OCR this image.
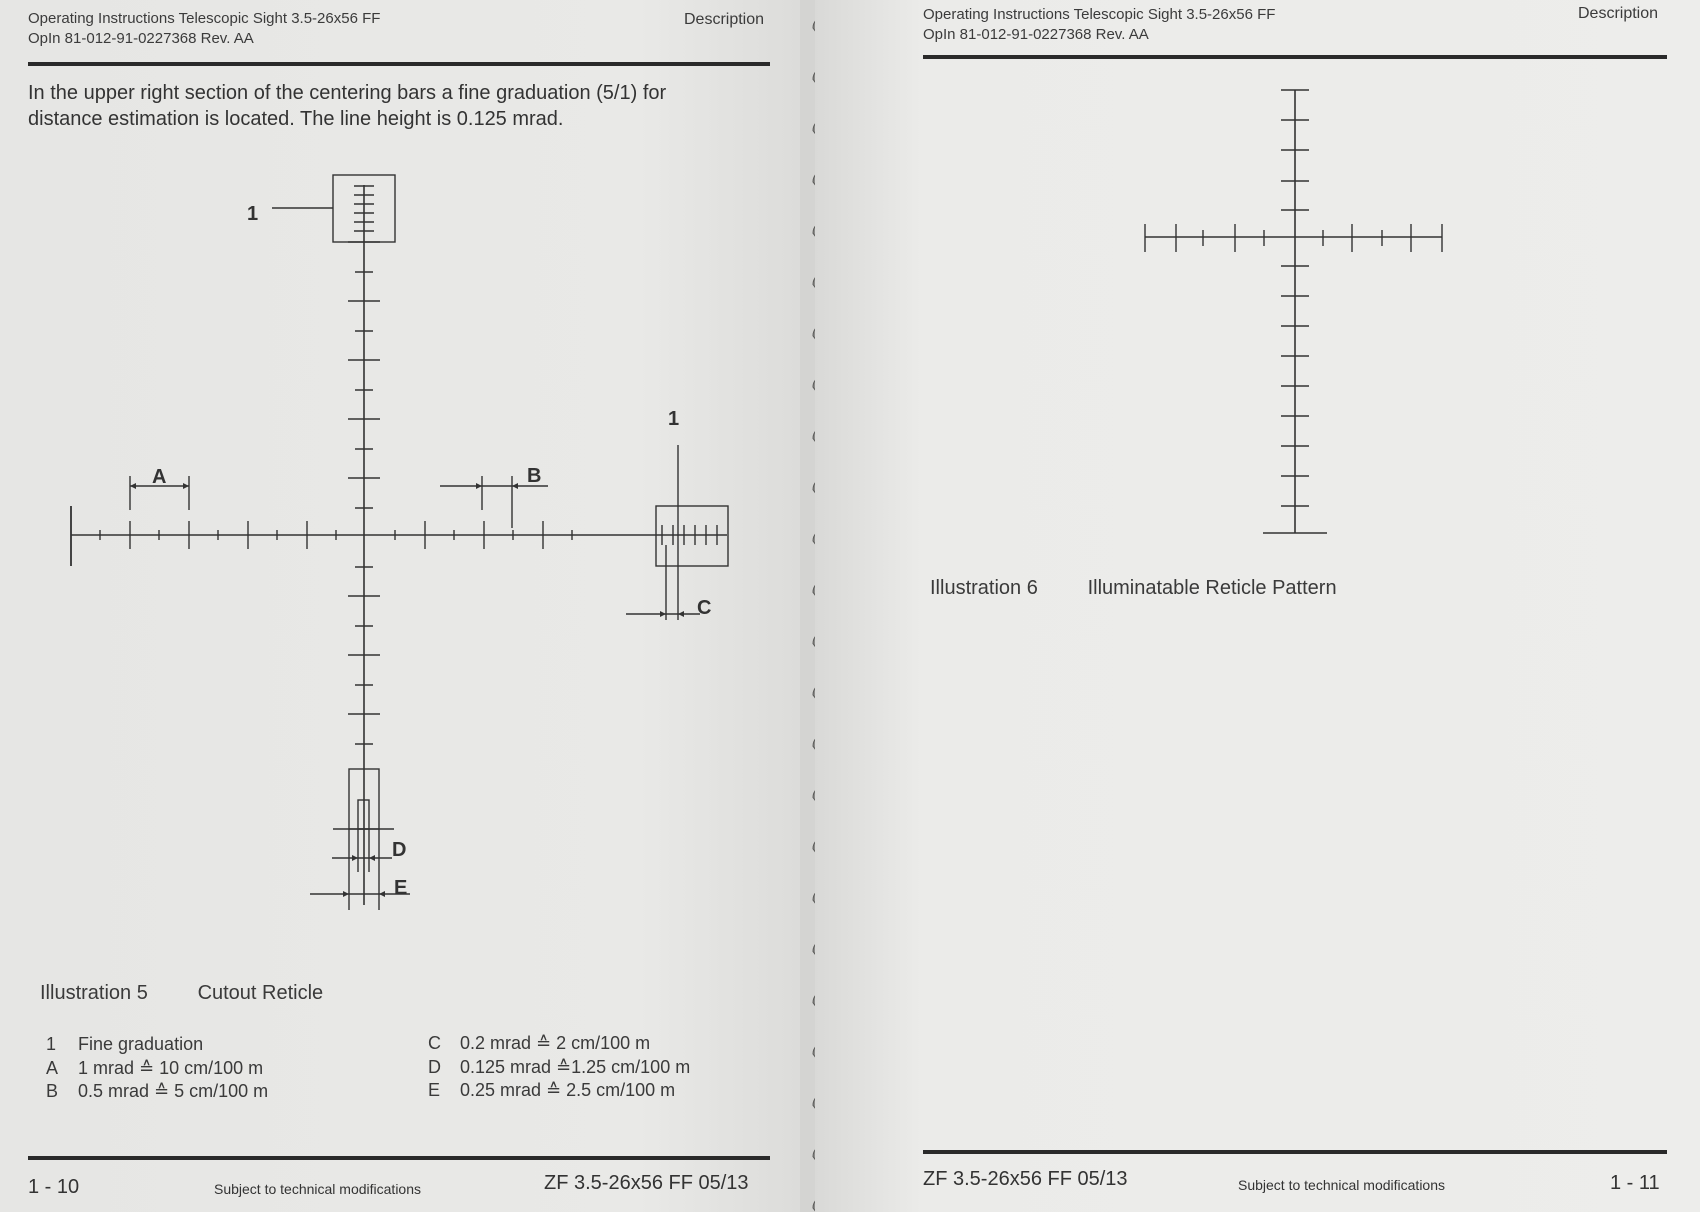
Operating Instructions Telescopic Sight 3.5-26x56 FF
OpIn 81-012-91-0227368 Rev. AA
Description
In the upper right section of the centering bars a fine graduation (5/1) for distance estimation is located. The line height is 0.125 mrad.
1
1
A	B
C
D
E
Illustration 5 Cutout Reticle
1 Fine graduation
A 1 mrad ≙ 10 cm/100 m
B 0.5 mrad ≙ 5 cm/100 m
C 0.2 mrad ≙ 2 cm/100 m
D 0.125 mrad ≙1.25 cm/100 m
E 0.25 mrad ≙ 2.5 cm/100 m
1 - 10	Subject to technical modifications	ZF 3.5-26x56 FF 05/13
Operating Instructions Telescopic Sight 3.5-26x56 FF
OpIn 81-012-91-0227368 Rev. AA
Description
Illustration 6 Illuminatable Reticle Pattern
ZF 3.5-26x56 FF 05/13	Subject to technical modifications	1 - 11
